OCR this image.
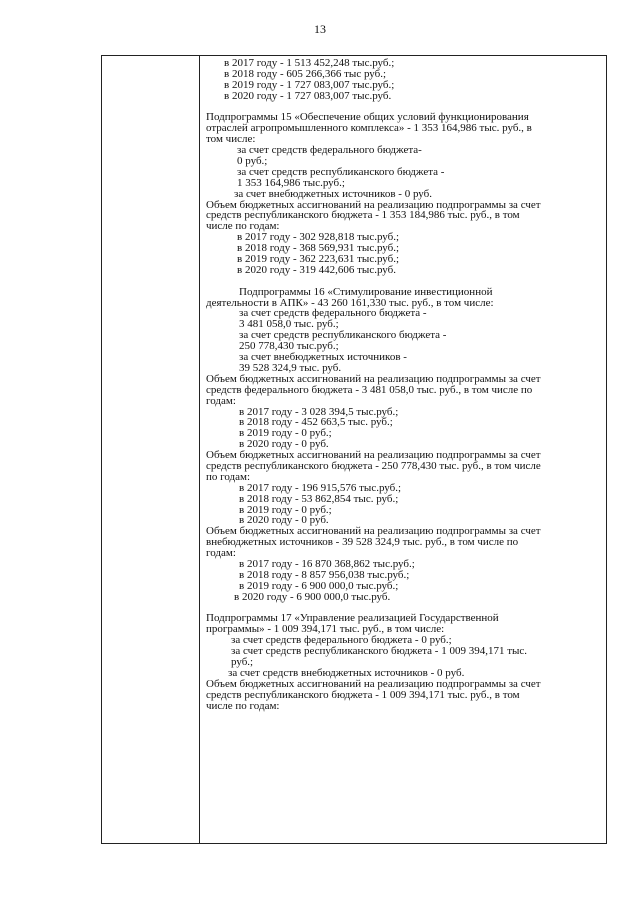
13
в 2017 году - 1 513 452,248 тыс.руб.;
в 2018 году - 605 266,366 тыс руб.;
в 2019 году - 1 727 083,007 тыс.руб.;
в 2020 году - 1 727 083,007 тыс.руб.
Подпрограммы 15 «Обеспечение общих условий функционирования
отраслей агропромышленного комплекса» - 1 353 164,986 тыс. руб., в
том числе:
за счет средств федерального бюджета-
0 руб.;
за счет средств республиканского бюджета -
1 353 164,986 тыс.руб.;
за счет внебюджетных источников - 0 руб.
Объем бюджетных ассигнований на реализацию подпрограммы за счет
средств республиканского бюджета - 1 353 184,986 тыс. руб., в том
числе по годам:
в 2017 году - 302 928,818 тыс.руб.;
в 2018 году - 368 569,931 тыс.руб.;
в 2019 году - 362 223,631 тыс.руб.;
в 2020 году - 319 442,606 тыс.руб.
Подпрограммы 16 «Стимулирование инвестиционной
деятельности в АПК» - 43 260 161,330 тыс. руб., в том числе:
за счет средств федерального бюджета -
3 481 058,0 тыс. руб.;
за счет средств республиканского бюджета -
250 778,430 тыс.руб.;
за счет внебюджетных источников -
39 528 324,9 тыс. руб.
Объем бюджетных ассигнований на реализацию подпрограммы за счет
средств федерального бюджета - 3 481 058,0 тыс. руб., в том числе по
годам:
в 2017 году - 3 028 394,5 тыс.руб.;
в 2018 году - 452 663,5 тыс. руб.;
в 2019 году - 0 руб.;
в 2020 году - 0 руб.
Объем бюджетных ассигнований на реализацию подпрограммы за счет
средств республиканского бюджета - 250 778,430 тыс. руб., в том числе
по годам:
в 2017 году - 196 915,576 тыс.руб.;
в 2018 году - 53 862,854 тыс. руб.;
в 2019 году - 0 руб.;
в 2020 году - 0 руб.
Объем бюджетных ассигнований на реализацию подпрограммы за счет
внебюджетных источников - 39 528 324,9 тыс. руб., в том числе по
годам:
в 2017 году - 16 870 368,862 тыс.руб.;
в 2018 году - 8 857 956,038 тыс.руб.;
в 2019 году - 6 900 000,0 тыс.руб.;
в 2020 году - 6 900 000,0 тыс.руб.
Подпрограммы 17 «Управление реализацией Государственной
программы» - 1 009 394,171 тыс. руб., в том числе:
за счет средств федерального бюджета - 0 руб.;
за счет средств республиканского бюджета - 1 009 394,171 тыс.
руб.;
за счет средств внебюджетных источников - 0 руб.
Объем бюджетных ассигнований на реализацию подпрограммы за счет
средств республиканского бюджета - 1 009 394,171 тыс. руб., в том
числе по годам:
